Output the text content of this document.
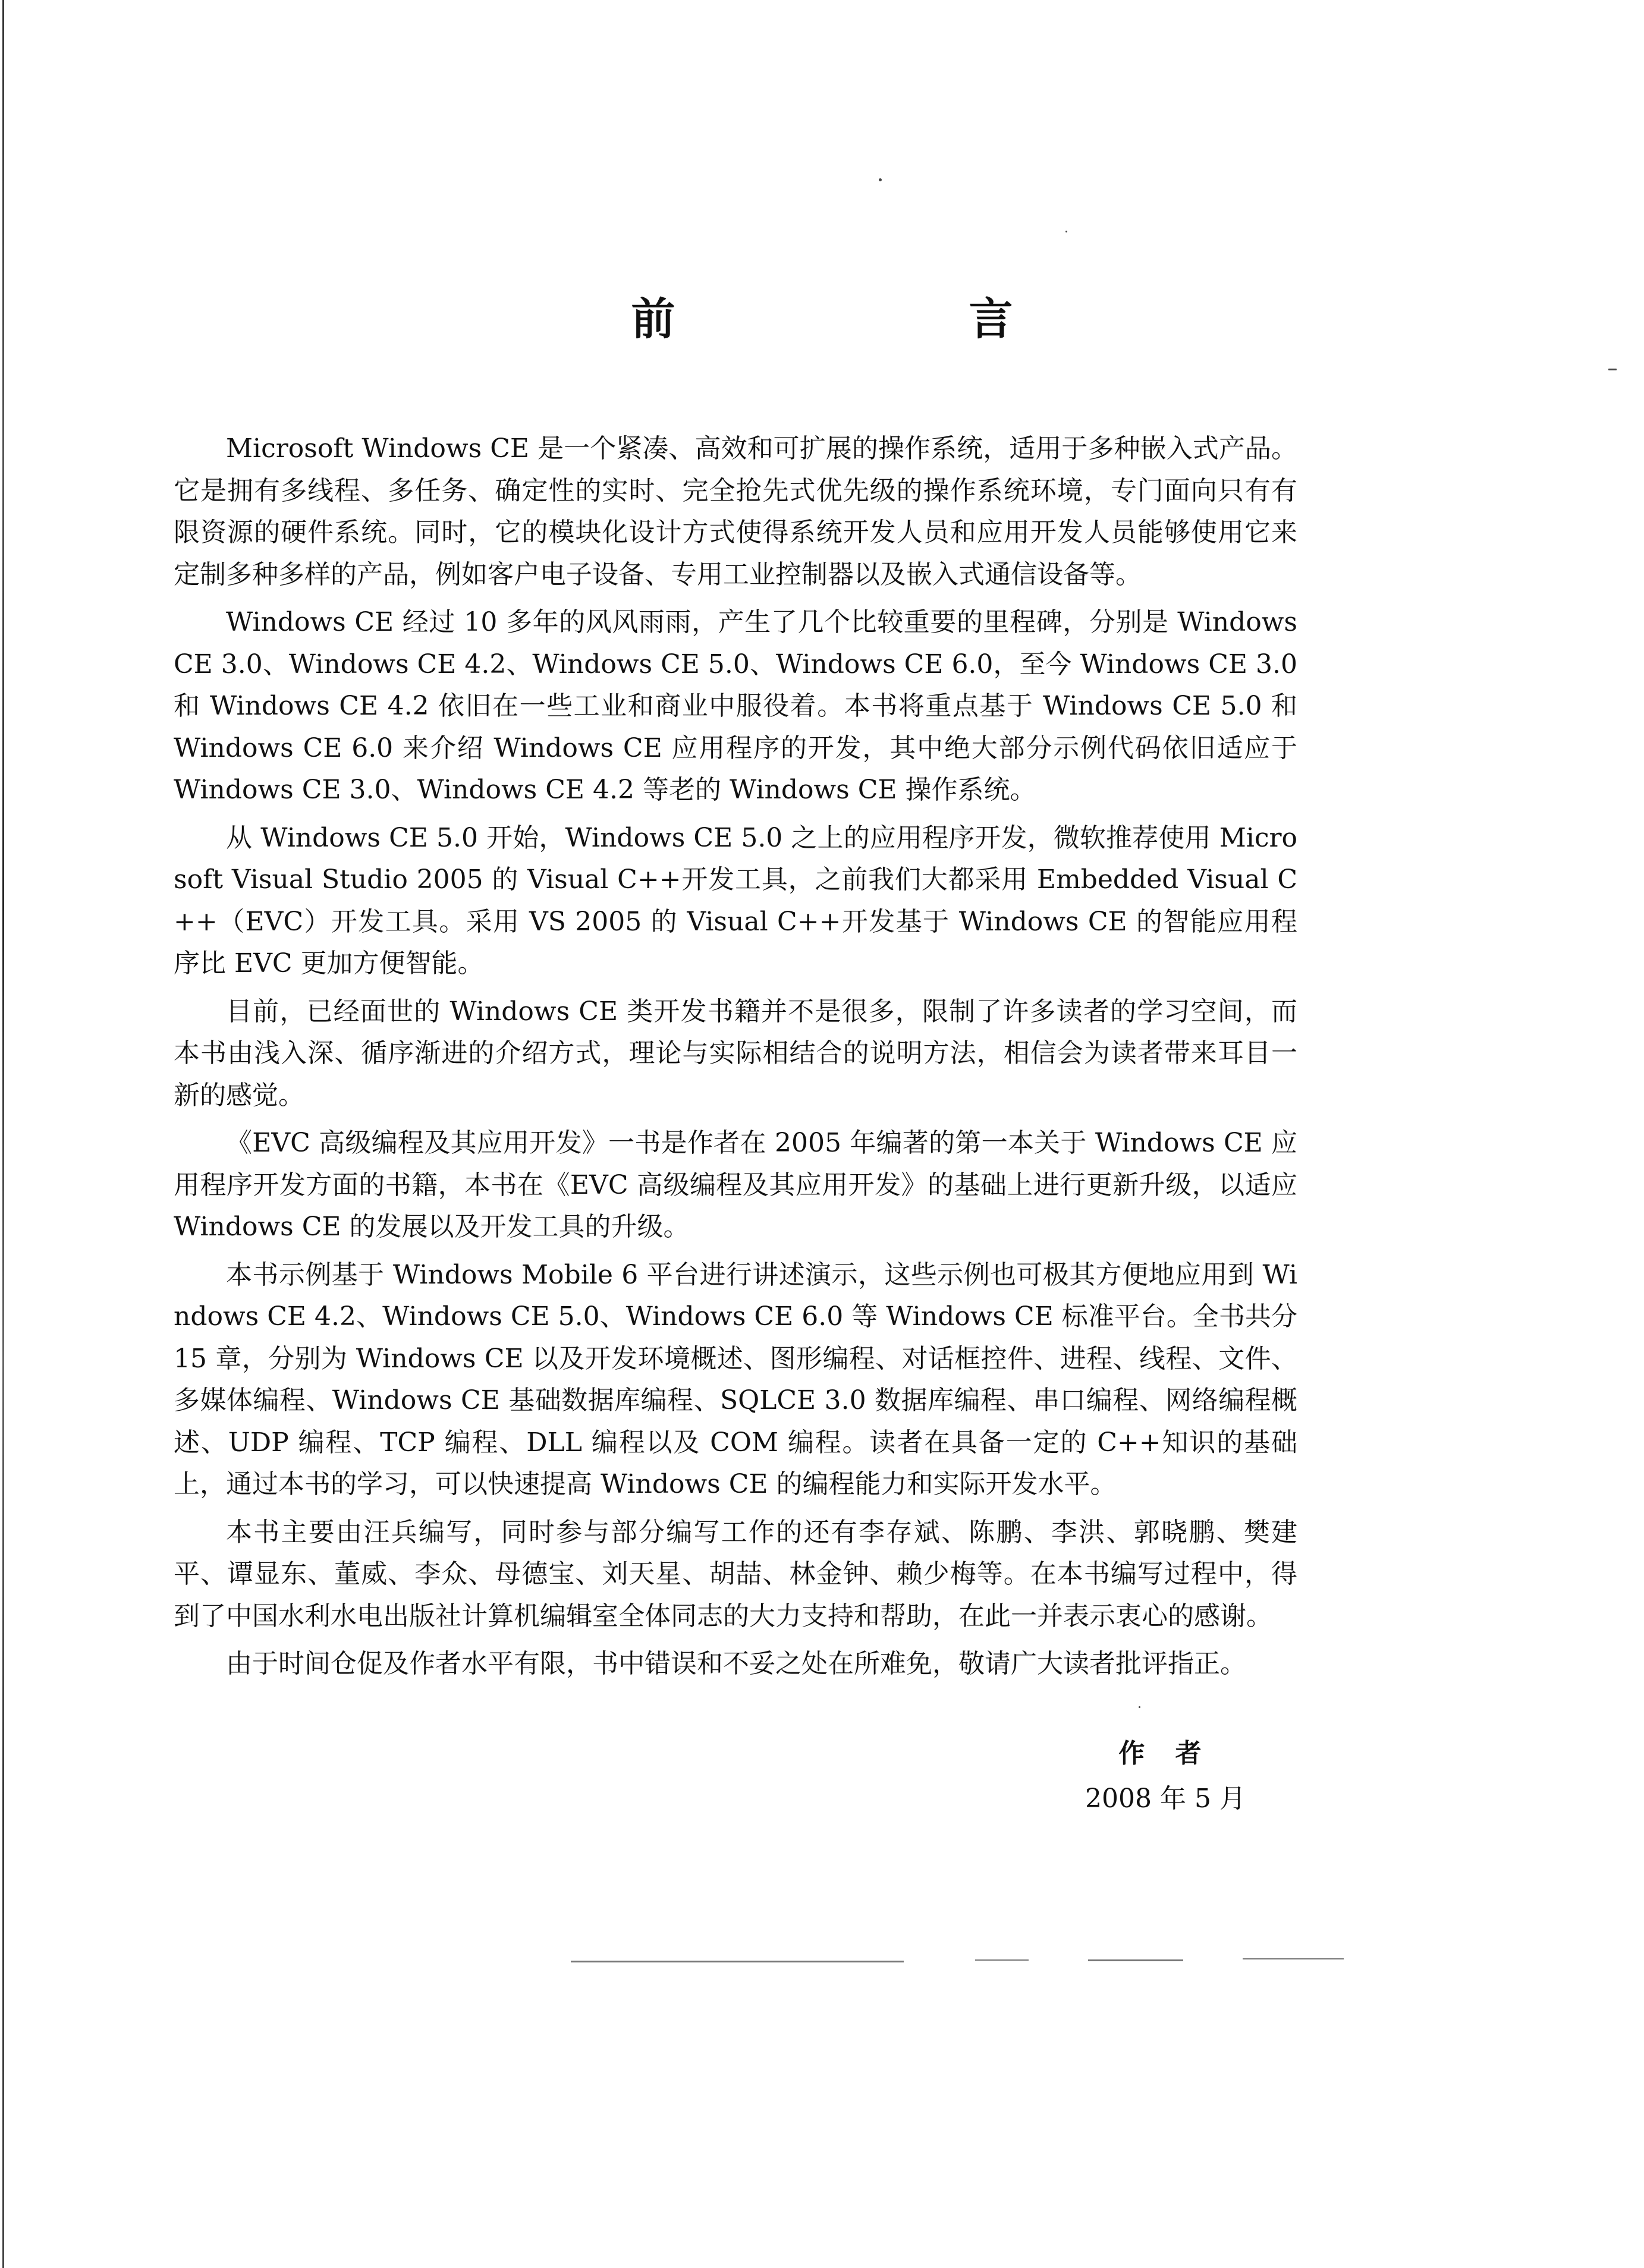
前　言

Microsoft Windows CE 是一个紧凑、高效和可扩展的操作系统，适用于多种嵌入式产品。它是拥有多线程、多任务、确定性的实时、完全抢先式优先级的操作系统环境，专门面向只有有限资源的硬件系统。同时，它的模块化设计方式使得系统开发人员和应用开发人员能够使用它来定制多种多样的产品，例如客户电子设备、专用工业控制器以及嵌入式通信设备等。

Windows CE 经过 10 多年的风风雨雨，产生了几个比较重要的里程碑，分别是 Windows CE 3.0、Windows CE 4.2、Windows CE 5.0、Windows CE 6.0，至今 Windows CE 3.0 和 Windows CE 4.2 依旧在一些工业和商业中服役着。本书将重点基于 Windows CE 5.0 和 Windows CE 6.0 来介绍 Windows CE 应用程序的开发，其中绝大部分示例代码依旧适应于 Windows CE 3.0、Windows CE 4.2 等老的 Windows CE 操作系统。

从 Windows CE 5.0 开始，Windows CE 5.0 之上的应用程序开发，微软推荐使用 Microsoft Visual Studio 2005 的 Visual C++开发工具，之前我们大都采用 Embedded Visual C++（EVC）开发工具。采用 VS 2005 的 Visual C++开发基于 Windows CE 的智能应用程序比 EVC 更加方便智能。

目前，已经面世的 Windows CE 类开发书籍并不是很多，限制了许多读者的学习空间，而本书由浅入深、循序渐进的介绍方式，理论与实际相结合的说明方法，相信会为读者带来耳目一新的感觉。

《EVC 高级编程及其应用开发》一书是作者在 2005 年编著的第一本关于 Windows CE 应用程序开发方面的书籍，本书在《EVC 高级编程及其应用开发》的基础上进行更新升级，以适应 Windows CE 的发展以及开发工具的升级。

本书示例基于 Windows Mobile 6 平台进行讲述演示，这些示例也可极其方便地应用到 Windows CE 4.2、Windows CE 5.0、Windows CE 6.0 等 Windows CE 标准平台。全书共分 15 章，分别为 Windows CE 以及开发环境概述、图形编程、对话框控件、进程、线程、文件、多媒体编程、Windows CE 基础数据库编程、SQLCE 3.0 数据库编程、串口编程、网络编程概述、UDP 编程、TCP 编程、DLL 编程以及 COM 编程。读者在具备一定的 C++知识的基础上，通过本书的学习，可以快速提高 Windows CE 的编程能力和实际开发水平。

本书主要由汪兵编写，同时参与部分编写工作的还有李存斌、陈鹏、李洪、郭晓鹏、樊建平、谭显东、董威、李众、母德宝、刘天星、胡喆、林金钟、赖少梅等。在本书编写过程中，得到了中国水利水电出版社计算机编辑室全体同志的大力支持和帮助，在此一并表示衷心的感谢。

由于时间仓促及作者水平有限，书中错误和不妥之处在所难免，敬请广大读者批评指正。

作 者
2008 年 5 月
